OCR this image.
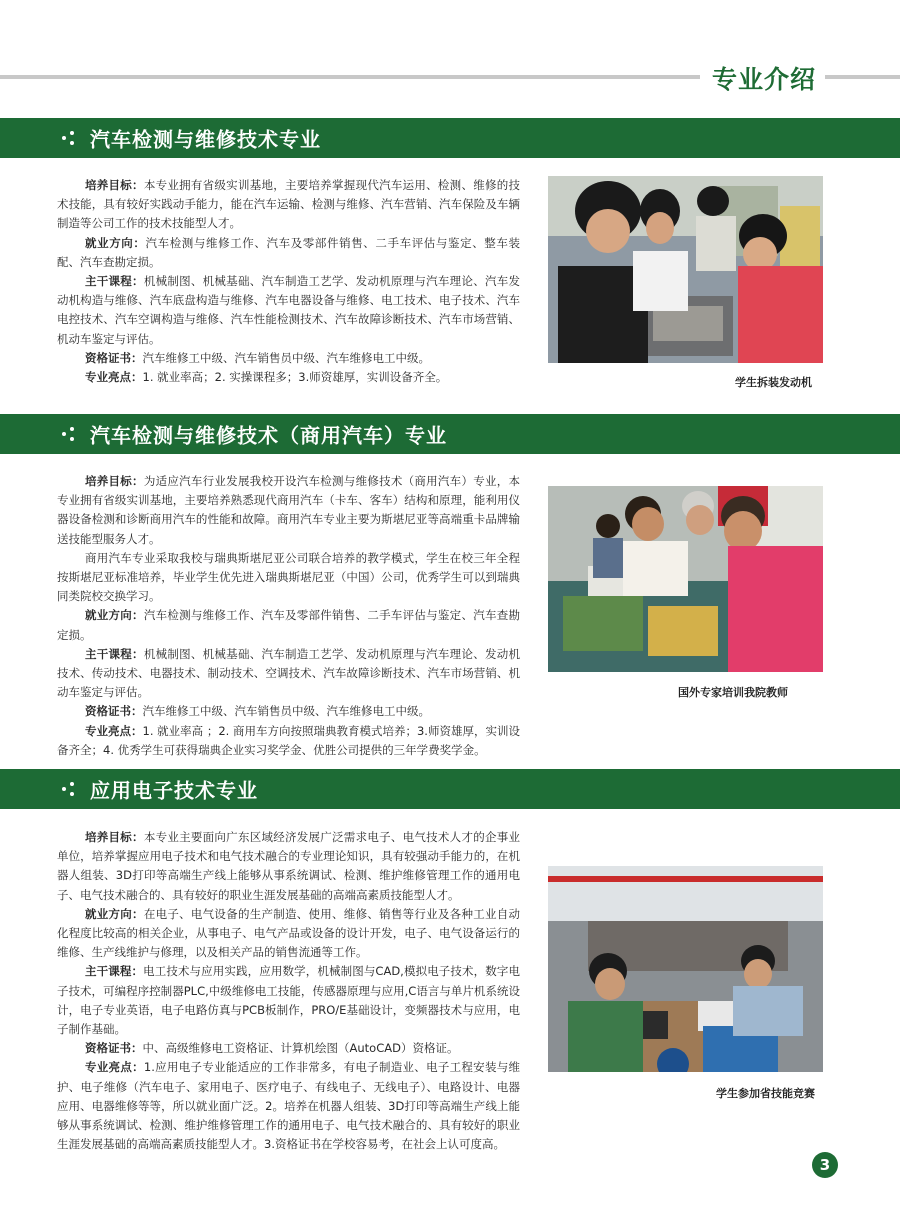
专业介绍
汽车检测与维修技术专业

培养目标：本专业拥有省级实训基地，主要培养掌握现代汽车运用、检测、维修的技术技能，具有较好实践动手能力，能在汽车运输、检测与维修、汽车营销、汽车保险及车辆制造等公司工作的技术技能型人才。

就业方向：汽车检测与维修工作、汽车及零部件销售、二手车评估与鉴定、整车装配、汽车查勘定损。

主干课程：机械制图、机械基础、汽车制造工艺学、发动机原理与汽车理论、汽车发动机构造与维修、汽车底盘构造与维修、汽车电器设备与维修、电工技术、电子技术、汽车电控技术、汽车空调构造与维修、汽车性能检测技术、汽车故障诊断技术、汽车市场营销、机动车鉴定与评估。

资格证书：汽车维修工中级、汽车销售员中级、汽车维修电工中级。

专业亮点：1. 就业率高；2. 实操课程多；3.师资雄厚，实训设备齐全。	学生拆装发动机
汽车检测与维修技术（商用汽车）专业

培养目标：为适应汽车行业发展我校开设汽车检测与维修技术（商用汽车）专业，本专业拥有省级实训基地，主要培养熟悉现代商用汽车（卡车、客车）结构和原理，能利用仪器设备检测和诊断商用汽车的性能和故障。商用汽车专业主要为斯堪尼亚等高端重卡品牌输送技能型服务人才。

商用汽车专业采取我校与瑞典斯堪尼亚公司联合培养的教学模式，学生在校三年全程按斯堪尼亚标准培养，毕业学生优先进入瑞典斯堪尼亚（中国）公司，优秀学生可以到瑞典同类院校交换学习。

就业方向：汽车检测与维修工作、汽车及零部件销售、二手车评估与鉴定、汽车查勘定损。

主干课程：机械制图、机械基础、汽车制造工艺学、发动机原理与汽车理论、发动机技术、传动技术、电器技术、制动技术、空调技术、汽车故障诊断技术、汽车市场营销、机动车鉴定与评估。

资格证书：汽车维修工中级、汽车销售员中级、汽车维修电工中级。

专业亮点：1. 就业率高 ；2. 商用车方向按照瑞典教育模式培养；3.师资雄厚，实训设备齐全；4. 优秀学生可获得瑞典企业实习奖学金、优胜公司提供的三年学费奖学金。

国外专家培训我院教师
应用电子技术专业

培养目标：本专业主要面向广东区域经济发展广泛需求电子、电气技术人才的企事业单位，培养掌握应用电子技术和电气技术融合的专业理论知识，具有较强动手能力的，在机器人组装、3D打印等高端生产线上能够从事系统调试、检测、维护维修管理工作的通用电子、电气技术融合的、具有较好的职业生涯发展基础的高端高素质技能型人才。

就业方向：在电子、电气设备的生产制造、使用、维修、销售等行业及各种工业自动化程度比较高的相关企业，从事电子、电气产品或设备的设计开发，电子、电气设备运行的维修、生产线维护与修理，以及相关产品的销售流通等工作。

主干课程：电工技术与应用实践，应用数学，机械制图与CAD,模拟电子技术，数字电子技术，可编程序控制器PLC,中级维修电工技能，传感器原理与应用,C语言与单片机系统设计，电子专业英语，电子电路仿真与PCB板制作，PRO/E基础设计，变频器技术与应用，电子制作基础。

资格证书：中、高级维修电工资格证、计算机绘图（AutoCAD）资格证。

专业亮点：1.应用电子专业能适应的工作非常多，有电子制造业、电子工程安装与维护、电子维修（汽车电子、家用电子、医疗电子、有线电子、无线电子）、电路设计、电器应用、电器维修等等，所以就业面广泛。2。培养在机器人组装、3D打印等高端生产线上能够从事系统调试、检测、维护维修管理工作的通用电子、电气技术融合的、具有较好的职业生涯发展基础的高端高素质技能型人才。3.资格证书在学校容易考，在社会上认可度高。

学生参加省技能竞赛
3
